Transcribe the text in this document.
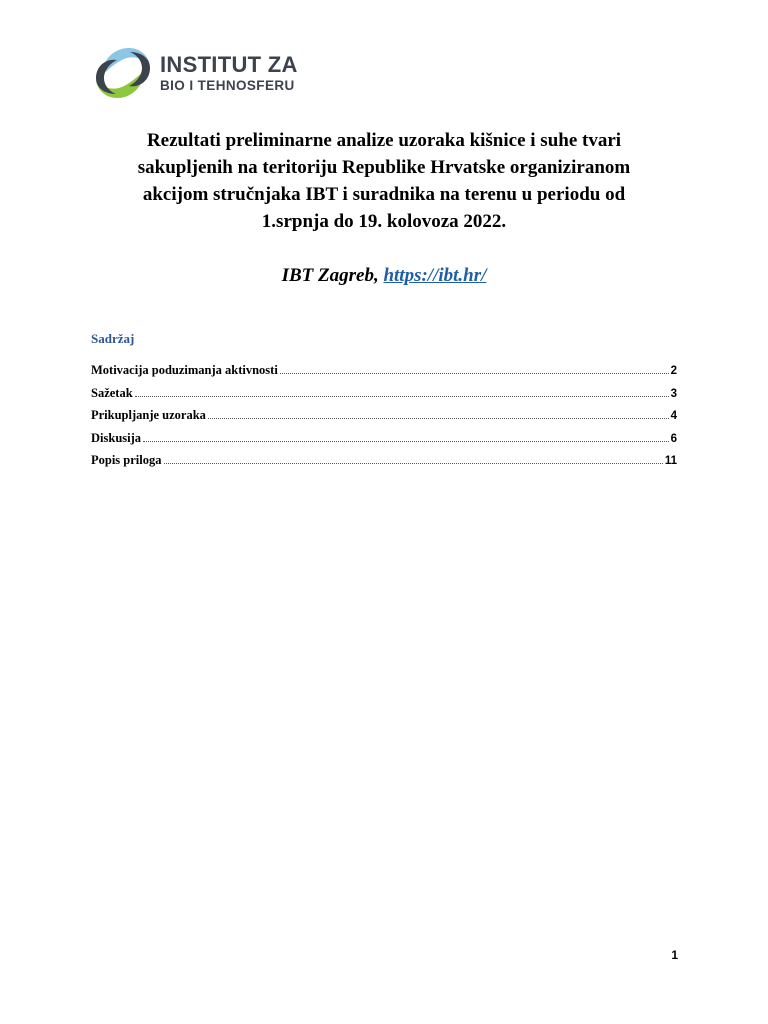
INSTITUT ZA
BIO I TEHNOSFERU
Rezultati preliminarne analize uzoraka kišnice i suhe tvari
sakupljenih na teritoriju Republike Hrvatske organiziranom
akcijom stručnjaka IBT i suradnika na terenu u periodu od
1.srpnja do 19. kolovoza 2022.
IBT Zagreb, https://ibt.hr/
Sadržaj
Motivacija poduzimanja aktivnosti	2
Sažetak	3
Prikupljanje uzoraka	4
Diskusija	6
Popis priloga	11
1
